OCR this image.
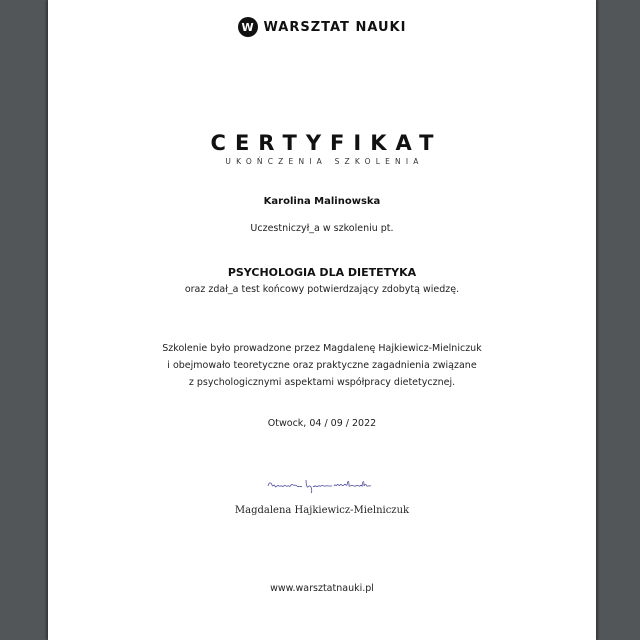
W WARSZTAT NAUKI
CERTYFIKAT
UKOŃCZENIA SZKOLENIA
Karolina Malinowska
Uczestniczył_a w szkoleniu pt.
PSYCHOLOGIA DLA DIETETYKA
oraz zdał_a test końcowy potwierdzający zdobytą wiedzę.
Szkolenie było prowadzone przez Magdalenę Hajkiewicz-Mielniczuk
i obejmowało teoretyczne oraz praktyczne zagadnienia związane
z psychologicznymi aspektami współpracy dietetycznej.
Otwock, 04 / 09 / 2022
Magdalena Hajkiewicz-Mielniczuk
www.warsztatnauki.pl
